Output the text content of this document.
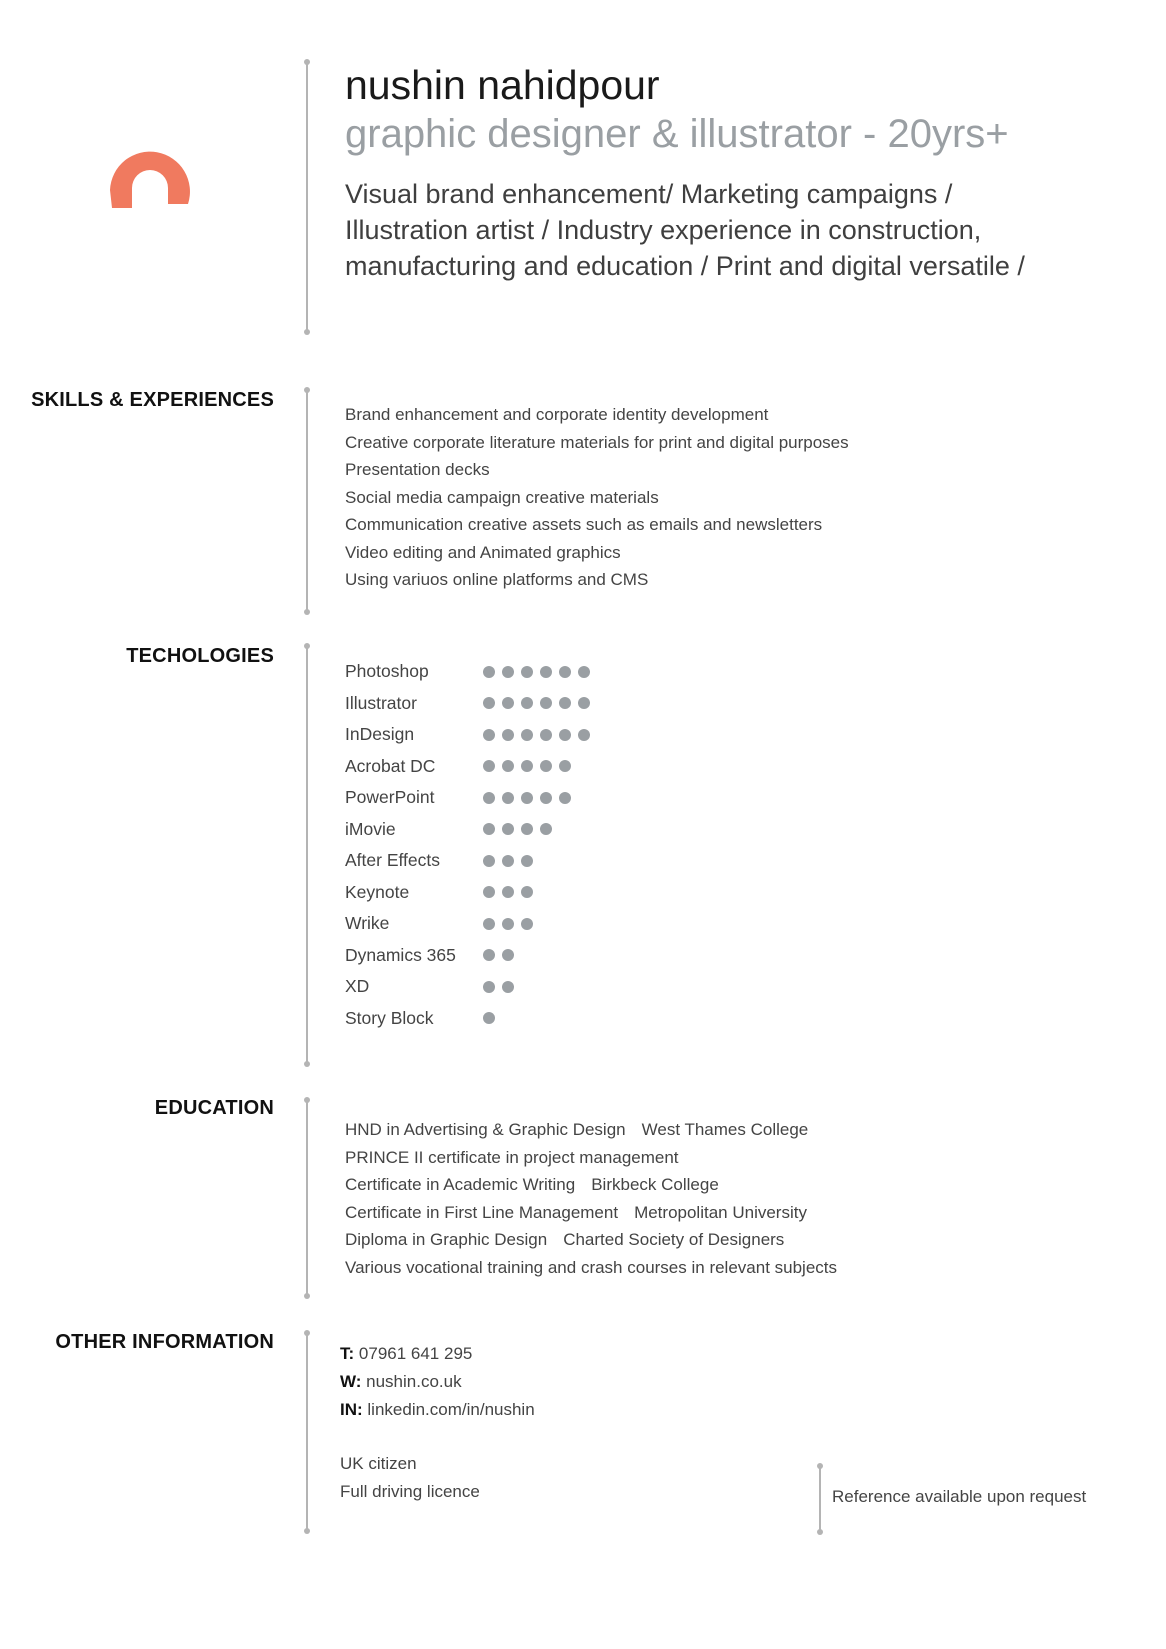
nushin nahidpour
graphic designer & illustrator - 20yrs+
Visual brand enhancement/ Marketing campaigns / Illustration artist / Industry experience in construction, manufacturing and education / Print and digital versatile /
SKILLS & EXPERIENCES
Brand enhancement and corporate identity development
Creative corporate literature materials for print and digital purposes
Presentation decks
Social media campaign creative materials
Communication creative assets such as emails and newsletters
Video editing and Animated graphics
Using variuos online platforms and CMS
TECHOLOGIES
Photoshop
Illustrator
InDesign
Acrobat DC
PowerPoint
iMovie
After Effects
Keynote
Wrike
Dynamics 365
XD
Story Block
EDUCATION
HND in Advertising & Graphic Design West Thames College
PRINCE II certificate in project management
Certificate in Academic Writing Birkbeck College
Certificate in First Line Management Metropolitan University
Diploma in Graphic Design Charted Society of Designers
Various vocational training and crash courses in relevant subjects
OTHER INFORMATION
T: 07961 641 295
W: nushin.co.uk
IN: linkedin.com/in/nushin
UK citizen
Full driving licence	Reference available upon request
